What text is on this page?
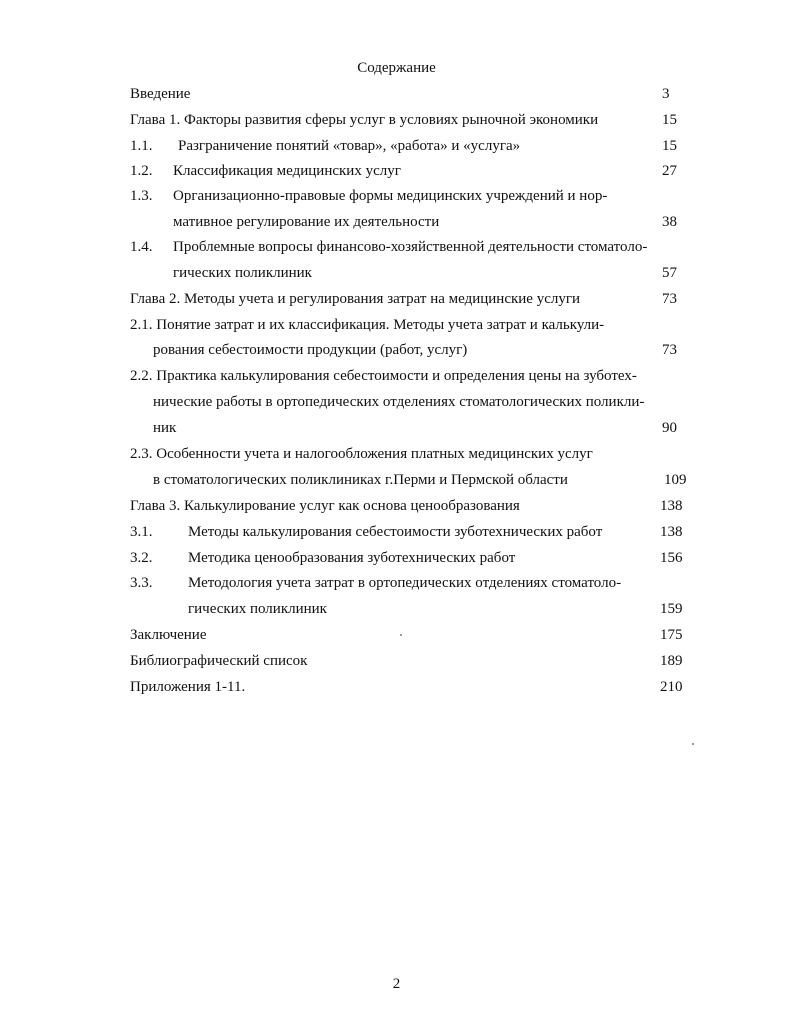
Содержание
Введение	3
Глава 1. Факторы развития сферы услуг в условиях рыночной экономики	15
1.1. Разграничение понятий «товар», «работа» и «услуга»	15
1.2. Классификация медицинских услуг	27
1.3. Организационно-правовые формы медицинских учреждений и нор-
мативное регулирование их деятельности	38
1.4. Проблемные вопросы финансово-хозяйственной деятельности стоматоло-
гических поликлиник	57
Глава 2. Методы учета и регулирования затрат на медицинские услуги	73
2.1. Понятие затрат и их классификация. Методы учета затрат и калькули-
рования себестоимости продукции (работ, услуг)	73
2.2. Практика калькулирования себестоимости и определения цены на зуботех-
нические работы в ортопедических отделениях стоматологических поликли-
ник	90
2.3. Особенности учета и налогообложения платных медицинских услуг
в стоматологических поликлиниках г.Перми и Пермской области	109
Глава 3. Калькулирование услуг как основа ценообразования	138
3.1. Методы калькулирования себестоимости зуботехнических работ	138
3.2. Методика ценообразования зуботехнических работ	156
3.3. Методология учета затрат в ортопедических отделениях стоматоло-
гических поликлиник	159
Заключение	175
Библиографический список	189
Приложения 1-11.	210
2
